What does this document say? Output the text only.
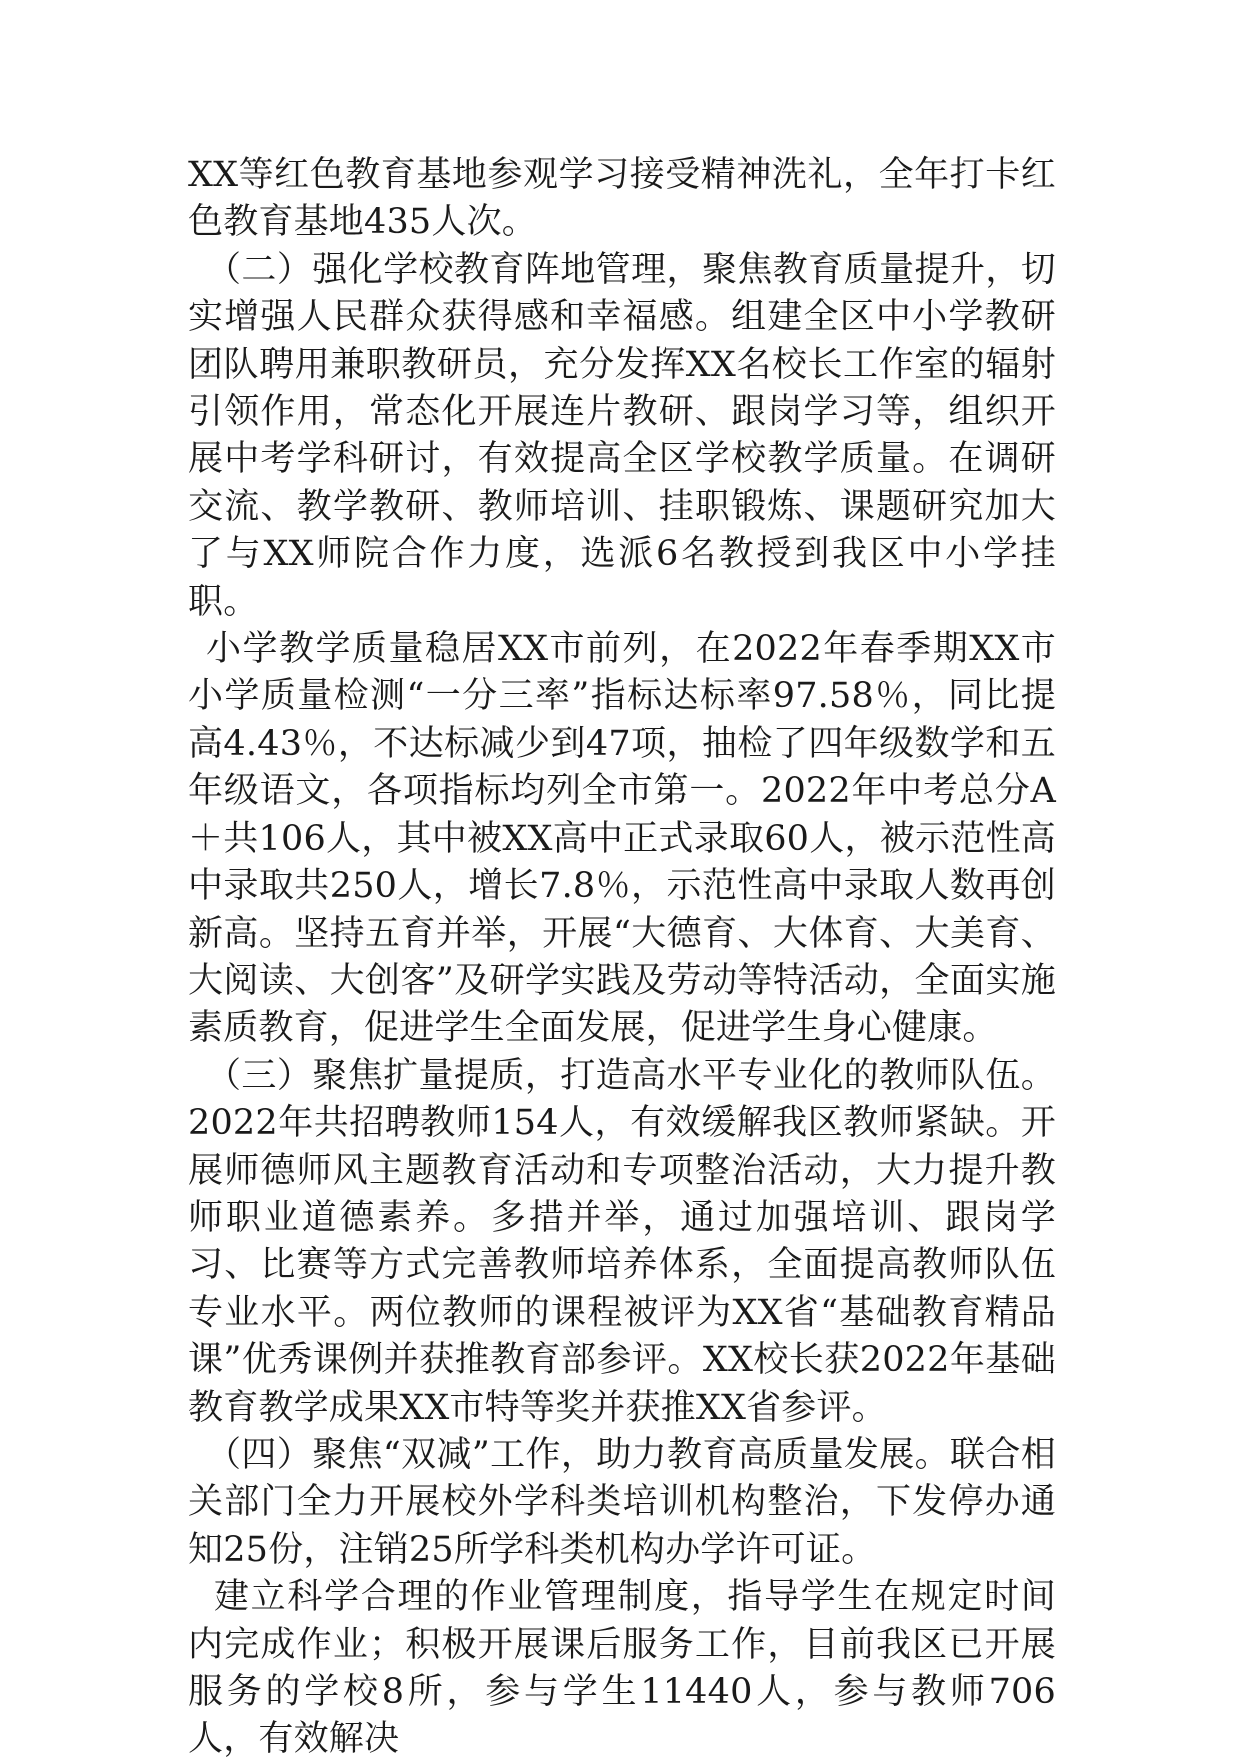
XX等红色教育基地参观学习接受精神洗礼，全年打卡红色教育基地435人次。

（二）强化学校教育阵地管理，聚焦教育质量提升，切实增强人民群众获得感和幸福感。组建全区中小学教研团队聘用兼职教研员，充分发挥XX名校长工作室的辐射引领作用，常态化开展连片教研、跟岗学习等，组织开展中考学科研讨，有效提高全区学校教学质量。在调研交流、教学教研、教师培训、挂职锻炼、课题研究加大了与XX师院合作力度，选派6名教授到我区中小学挂职。

小学教学质量稳居XX市前列，在2022年春季期XX市小学质量检测“一分三率”指标达标率97.58％，同比提高4.43％，不达标减少到47项，抽检了四年级数学和五年级语文，各项指标均列全市第一。2022年中考总分A＋共106人，其中被XX高中正式录取60人，被示范性高中录取共250人，增长7.8％，示范性高中录取人数再创新高。坚持五育并举，开展“大德育、大体育、大美育、大阅读、大创客”及研学实践及劳动等特活动，全面实施素质教育，促进学生全面发展，促进学生身心健康。

（三）聚焦扩量提质，打造高水平专业化的教师队伍。2022年共招聘教师154人，有效缓解我区教师紧缺。开展师德师风主题教育活动和专项整治活动，大力提升教师职业道德素养。多措并举，通过加强培训、跟岗学习、比赛等方式完善教师培养体系，全面提高教师队伍专业水平。两位教师的课程被评为XX省“基础教育精品课”优秀课例并获推教育部参评。XX校长获2022年基础教育教学成果XX市特等奖并获推XX省参评。

（四）聚焦“双减”工作，助力教育高质量发展。联合相关部门全力开展校外学科类培训机构整治，下发停办通知25份，注销25所学科类机构办学许可证。

建立科学合理的作业管理制度，指导学生在规定时间内完成作业；积极开展课后服务工作，目前我区已开展服务的学校8所，参与学生11440人，参与教师706人，有效解决
